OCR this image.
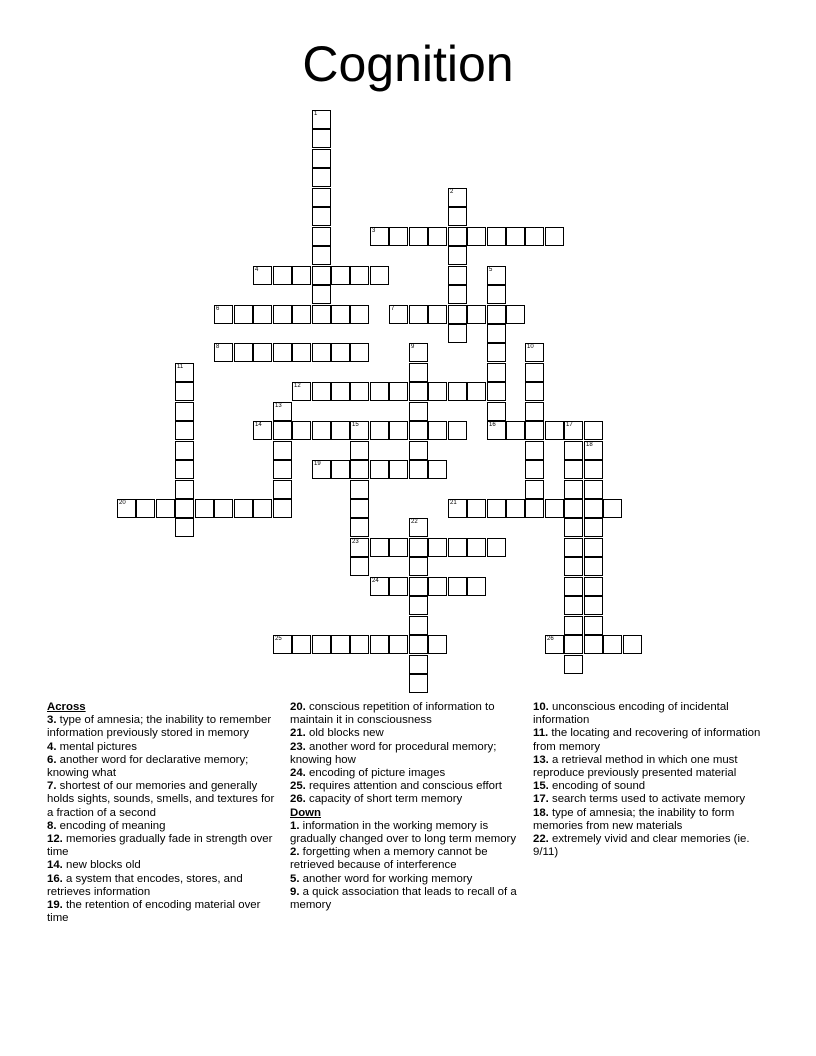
Cognition
1
2
3
4	5
16
6	7
8	9	10
11
12
13
14	15
23
17
18
19
20	21
22
24
25	26

Across

3. type of amnesia; the inability to remember information previously stored in memory

4. mental pictures

6. another word for declarative memory; knowing what

7. shortest of our memories and generally holds sights, sounds, smells, and textures for a fraction of a second

8. encoding of meaning

12. memories gradually fade in strength over time

14. new blocks old

16. a system that encodes, stores, and retrieves information

19. the retention of encoding material over time

20. conscious repetition of information to maintain it in consciousness

21. old blocks new

23. another word for procedural memory; knowing how

24. encoding of picture images

25. requires attention and conscious effort

26. capacity of short term memory

Down

1. information in the working memory is gradually changed over to long term memory

2. forgetting when a memory cannot be retrieved because of interference

5. another word for working memory

9. a quick association that leads to recall of a memory

10. unconscious encoding of incidental information

11. the locating and recovering of information from memory

13. a retrieval method in which one must reproduce previously presented material

15. encoding of sound

17. search terms used to activate memory

18. type of amnesia; the inability to form memories from new materials

22. extremely vivid and clear memories (ie. 9/11)
